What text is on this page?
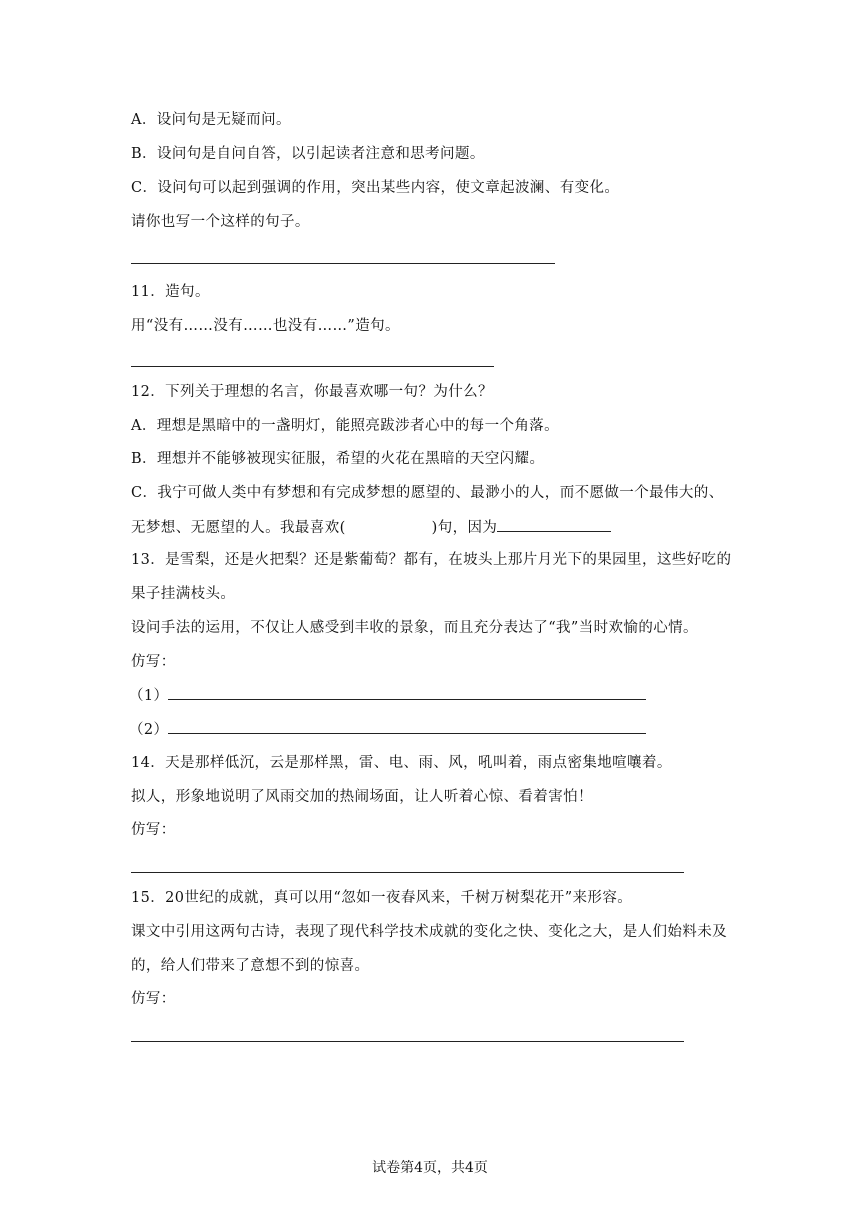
A．设问句是无疑而问。
B．设问句是自问自答，以引起读者注意和思考问题。
C．设问句可以起到强调的作用，突出某些内容，使文章起波澜、有变化。
请你也写一个这样的句子。
11．造句。
用“没有……没有……也没有……”造句。
12．下列关于理想的名言，你最喜欢哪一句？为什么？
A．理想是黑暗中的一盏明灯，能照亮跋涉者心中的每一个角落。
B．理想并不能够被现实征服，希望的火花在黑暗的天空闪耀。
C．我宁可做人类中有梦想和有完成梦想的愿望的、最渺小的人，而不愿做一个最伟大的、
无梦想、无愿望的人。我最喜欢(	)句，因为
13．是雪梨，还是火把梨？还是紫葡萄？都有，在坡头上那片月光下的果园里，这些好吃的
果子挂满枝头。
设问手法的运用，不仅让人感受到丰收的景象，而且充分表达了“我”当时欢愉的心情。
仿写：
（1）
（2）
14．天是那样低沉，云是那样黑，雷、电、雨、风，吼叫着，雨点密集地喧嚷着。
拟人，形象地说明了风雨交加的热闹场面，让人听着心惊、看着害怕！
仿写：
15．20世纪的成就，真可以用“忽如一夜春风来，千树万树梨花开”来形容。
课文中引用这两句古诗，表现了现代科学技术成就的变化之快、变化之大，是人们始料未及
的，给人们带来了意想不到的惊喜。
仿写：
试卷第4页，共4页
